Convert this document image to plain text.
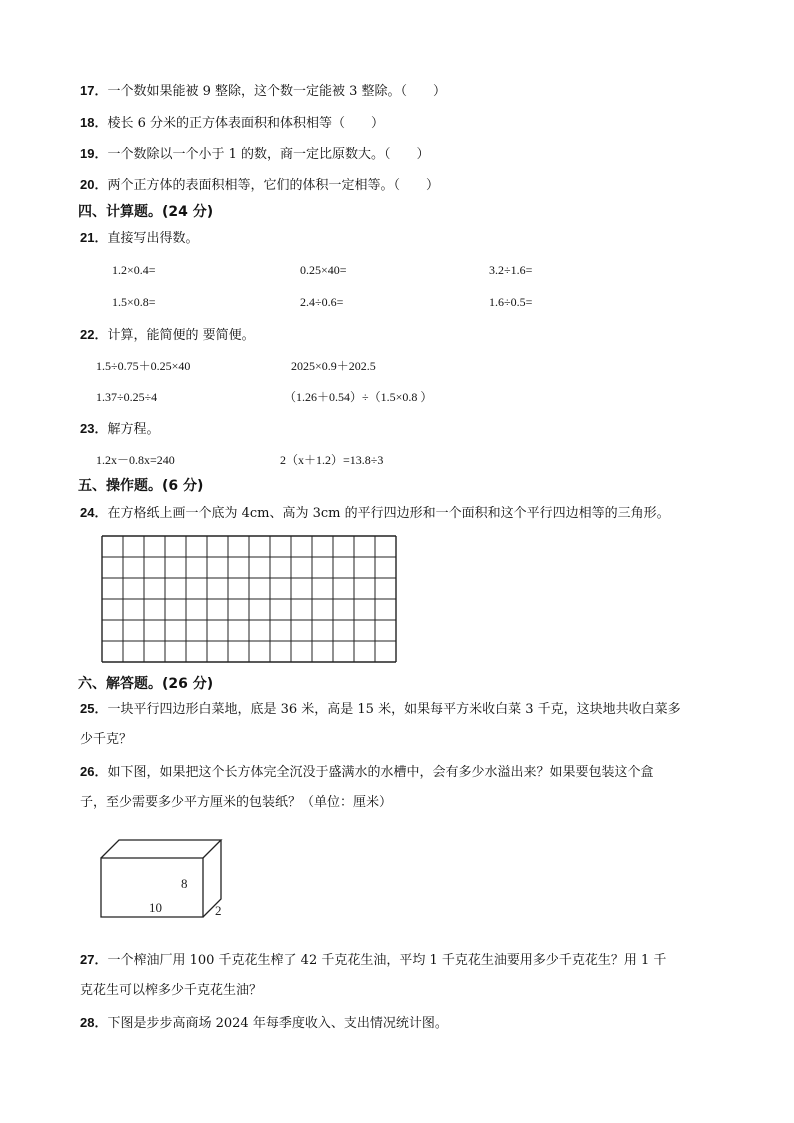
17．一个数如果能被 9 整除，这个数一定能被 3 整除。（　　）
18．棱长 6 分米的正方体表面积和体积相等（　　）
19．一个数除以一个小于 1 的数，商一定比原数大。（　　）
20．两个正方体的表面积相等，它们的体积一定相等。（　　）
四、计算题。(24 分)
21．直接写出得数。
1.2×0.4=	0.25×40=	3.2÷1.6=
1.5×0.8=	2.4÷0.6=	1.6÷0.5=
22．计算，能简便的 要简便。
1.5÷0.75＋0.25×40	2025×0.9＋202.5
1.37÷0.25÷4	（1.26＋0.54）÷（1.5×0.8 ）
23．解方程。
1.2x－0.8x=240	2（x＋1.2）=13.8÷3
五、操作题。(6 分)
24．在方格纸上画一个底为 4cm、高为 3cm 的平行四边形和一个面积和这个平行四边相等的三角形。
六、解答题。(26 分)
25．一块平行四边形白菜地，底是 36 米，高是 15 米，如果每平方米收白菜 3 千克，这块地共收白菜多
少千克？
26．如下图，如果把这个长方体完全沉没于盛满水的水槽中，会有多少水溢出来？如果要包装这个盒
子，至少需要多少平方厘米的包装纸？（单位：厘米）
10
8
2
27．一个榨油厂用 100 千克花生榨了 42 千克花生油，平均 1 千克花生油要用多少千克花生？用 1 千
克花生可以榨多少千克花生油？
28．下图是步步高商场 2024 年每季度收入、支出情况统计图。
